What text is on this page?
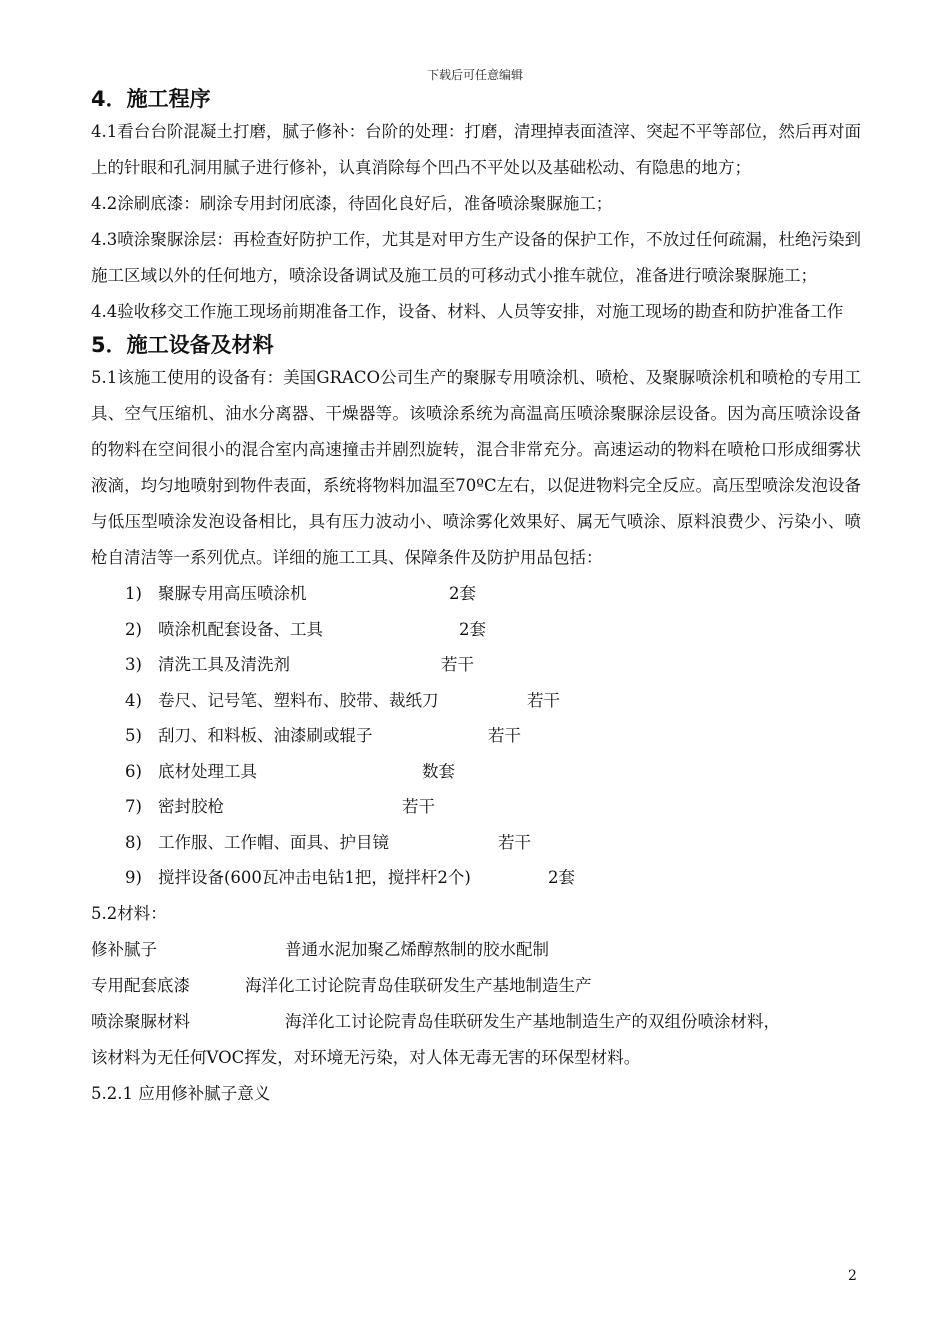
下载后可任意编辑
4．施工程序

4.1看台台阶混凝土打磨，腻子修补：台阶的处理：打磨，清理掉表面渣滓、突起不平等部位，然后再对面上的针眼和孔洞用腻子进行修补，认真消除每个凹凸不平处以及基础松动、有隐患的地方；

4.2涂刷底漆：刷涂专用封闭底漆，待固化良好后，准备喷涂聚脲施工；

4.3喷涂聚脲涂层：再检查好防护工作，尤其是对甲方生产设备的保护工作，不放过任何疏漏，杜绝污染到施工区域以外的任何地方，喷涂设备调试及施工员的可移动式小推车就位，准备进行喷涂聚脲施工；

4.4验收移交工作施工现场前期准备工作，设备、材料、人员等安排，对施工现场的勘查和防护准备工作

5．施工设备及材料

5.1该施工使用的设备有：美国GRACO公司生产的聚脲专用喷涂机、喷枪、及聚脲喷涂机和喷枪的专用工具、空气压缩机、油水分离器、干燥器等。该喷涂系统为高温高压喷涂聚脲涂层设备。因为高压喷涂设备的物料在空间很小的混合室内高速撞击并剧烈旋转，混合非常充分。高速运动的物料在喷枪口形成细雾状液滴，均匀地喷射到物件表面，系统将物料加温至70ºC左右，以促进物料完全反应。高压型喷涂发泡设备与低压型喷涂发泡设备相比，具有压力波动小、喷涂雾化效果好、属无气喷涂、原料浪费少、污染小、喷枪自清洁等一系列优点。详细的施工工具、保障条件及防护用品包括：

1) 聚脲专用高压喷涂机	2套
2) 喷涂机配套设备、工具	2套
3) 清洗工具及清洗剂	若干
4) 卷尺、记号笔、塑料布、胶带、裁纸刀	若干
5) 刮刀、和料板、油漆刷或辊子	若干
6) 底材处理工具	数套
7) 密封胶枪	若干
8) 工作服、工作帽、面具、护目镜	若干
9) 搅拌设备(600瓦冲击电钻1把，搅拌杆2个)	2套

5.2材料：

修补腻子	普通水泥加聚乙烯醇熬制的胶水配制
专用配套底漆	海洋化工讨论院青岛佳联研发生产基地制造生产
喷涂聚脲材料	海洋化工讨论院青岛佳联研发生产基地制造生产的双组份喷涂材料，

该材料为无任何VOC挥发，对环境无污染，对人体无毒无害的环保型材料。

5.2.1 应用修补腻子意义

2
